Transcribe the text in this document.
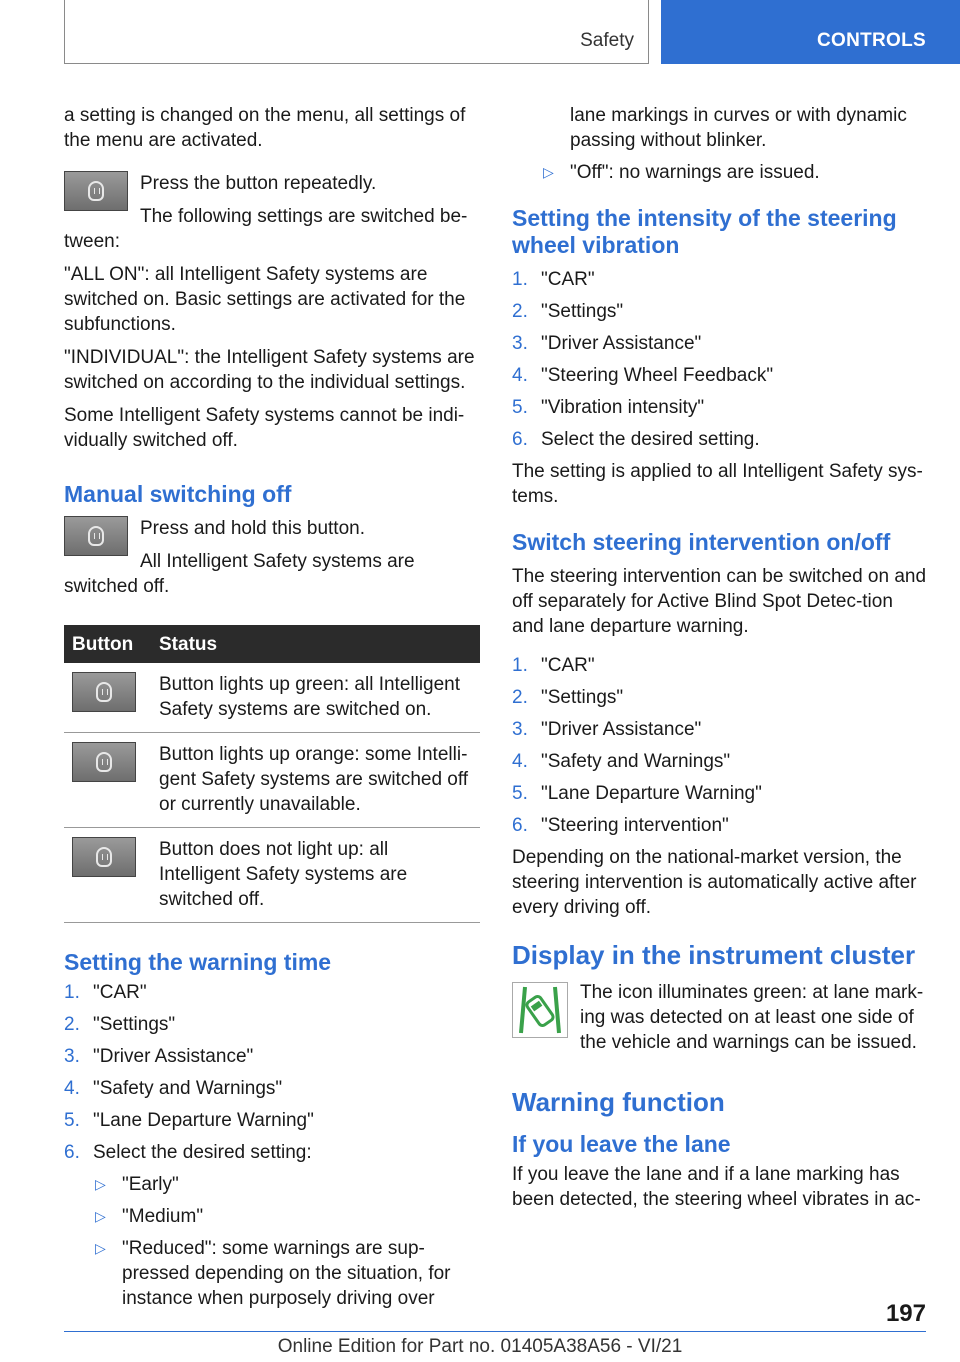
Safety	CONTROLS

a setting is changed on the menu, all settings of the menu are activated.

Press the button repeatedly.

The following settings are switched be-tween:

"ALL ON": all Intelligent Safety systems are switched on. Basic settings are activated for the subfunctions.

"INDIVIDUAL": the Intelligent Safety systems are switched on according to the individual settings.

Some Intelligent Safety systems cannot be indi-vidually switched off.

Manual switching off

Press and hold this button.

All Intelligent Safety systems are switched off.

Button	Status

	Button lights up green: all Intelligent Safety systems are switched on.

	Button lights up orange: some Intelli-gent Safety systems are switched off or currently unavailable.

	Button does not light up: all Intelligent Safety systems are switched off.
Setting the warning time
1. "CAR"
2. "Settings"
3. "Driver Assistance"
4. "Safety and Warnings"
5. "Lane Departure Warning"
6. Select the desired setting:
▷ "Early"
▷ "Medium"
▷ "Reduced": some warnings are sup-pressed depending on the situation, for instance when purposely driving over
lane markings in curves or with dynamic passing without blinker.
▷ "Off": no warnings are issued.
Setting the intensity of the steering wheel vibration
1. "CAR"
2. "Settings"
3. "Driver Assistance"
4. "Steering Wheel Feedback"
5. "Vibration intensity"
6. Select the desired setting.

The setting is applied to all Intelligent Safety sys-tems.

Switch steering intervention on/off

The steering intervention can be switched on and off separately for Active Blind Spot Detec-tion and lane departure warning.

1. "CAR"
2. "Settings"
3. "Driver Assistance"
4. "Safety and Warnings"
5. "Lane Departure Warning"
6. "Steering intervention"

Depending on the national-market version, the steering intervention is automatically active after every driving off.

Display in the instrument cluster

The icon illuminates green: at lane mark-ing was detected on at least one side of the vehicle and warnings can be issued.

Warning function
If you leave the lane

If you leave the lane and if a lane marking has been detected, the steering wheel vibrates in ac-

197
Online Edition for Part no. 01405A38A56 - VI/21
